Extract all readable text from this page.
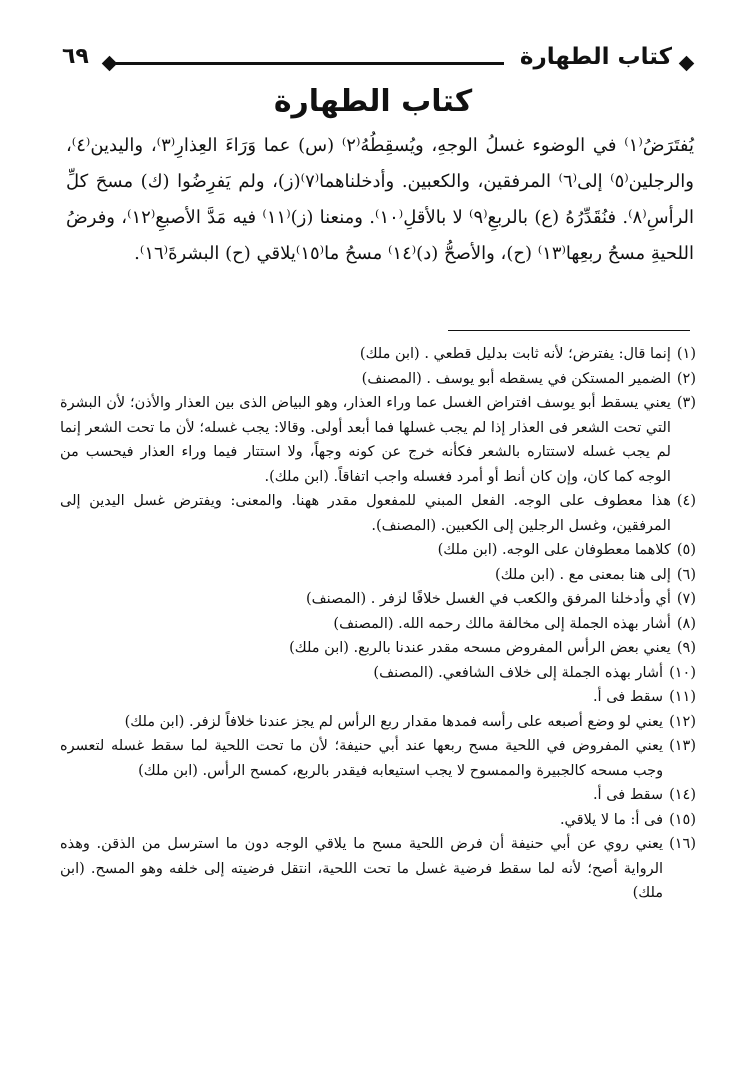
كتاب الطهارة
٦٩
كتاب الطهارة
يُفتَرَضُ⁽١⁾ في الوضوء غسلُ الوجهِ، ويُسقِطُهُ⁽٢⁾ (س) عما وَرَاءَ العِذارِ⁽٣⁾، واليدين⁽٤⁾،
والرجلين⁽٥⁾ إلى⁽٦⁾ المرفقين، والكعبين. وأدخلناهما⁽٧⁾(ز)، ولم يَفرِضُوا (ك) مسحَ كلِّ
الرأسِ⁽٨⁾. فنُقَدِّرُهُ (ع) بالربعِ⁽٩⁾ لا بالأقلِ⁽١٠⁾. ومنعنا (ز)⁽١١⁾ فيه مَدَّ الأصبعِ⁽١٢⁾، وفرضُ
اللحيةِ مسحُ ربعِها⁽١٣⁾ (ح)، والأصحُّ (د)⁽١٤⁾ مسحُ ما⁽١٥⁾يلاقي (ح) البشرةَ⁽١٦⁾.
(١)
إنما قال: يفترض؛ لأنه ثابت بدليل قطعي . (ابن ملك)
(٢)
الضمير المستكن في يسقطه أبو يوسف . (المصنف)
(٣)
يعني يسقط أبو يوسف افتراض الغسل عما وراء العذار، وهو البياض الذى بين العذار والأذن؛ لأن البشرة التي تحت الشعر فى العذار إذا لم يجب غسلها فما أبعد أولى. وقالا: يجب غسله؛ لأن ما تحت الشعر إنما لم يجب غسله لاستتاره بالشعر فكأنه خرج عن كونه وجهاً، ولا استتار فيما وراء العذار فيحسب من الوجه كما كان، وإن كان أنط أو أمرد فغسله واجب اتفاقاً. (ابن ملك).
(٤)
هذا معطوف على الوجه. الفعل المبني للمفعول مقدر ههنا. والمعنى: ويفترض غسل اليدين إلى المرفقين، وغسل الرجلين إلى الكعبين. (المصنف).
(٥)
كلاهما معطوفان على الوجه. (ابن ملك)
(٦)
إلى هنا بمعنى مع . (ابن ملك)
(٧)
أي وأدخلنا المرفق والكعب في الغسل خلافًا لزفر . (المصنف)
(٨)
أشار بهذه الجملة إلى مخالفة مالك رحمه الله. (المصنف)
(٩)
يعني بعض الرأس المفروض مسحه مقدر عندنا بالربع. (ابن ملك)
(١٠)
أشار بهذه الجملة إلى خلاف الشافعي. (المصنف)
(١١)
سقط فى أ.
(١٢)
يعني لو وضع أصبعه على رأسه فمدها مقدار ربع الرأس لم يجز عندنا خلافاً لزفر. (ابن ملك)
(١٣)
يعني المفروض في اللحية مسح ربعها عند أبي حنيفة؛ لأن ما تحت اللحية لما سقط غسله لتعسره وجب مسحه كالجبيرة والممسوح لا يجب استيعابه فيقدر بالربع، كمسح الرأس. (ابن ملك)
(١٤)
سقط فى أ.
(١٥)
فى أ: ما لا يلاقي.
(١٦)
يعني روي عن أبي حنيفة أن فرض اللحية مسح ما يلاقي الوجه دون ما استرسل من الذقن. وهذه الرواية أصح؛ لأنه لما سقط فرضية غسل ما تحت اللحية، انتقل فرضيته إلى خلفه وهو المسح. (ابن ملك)
